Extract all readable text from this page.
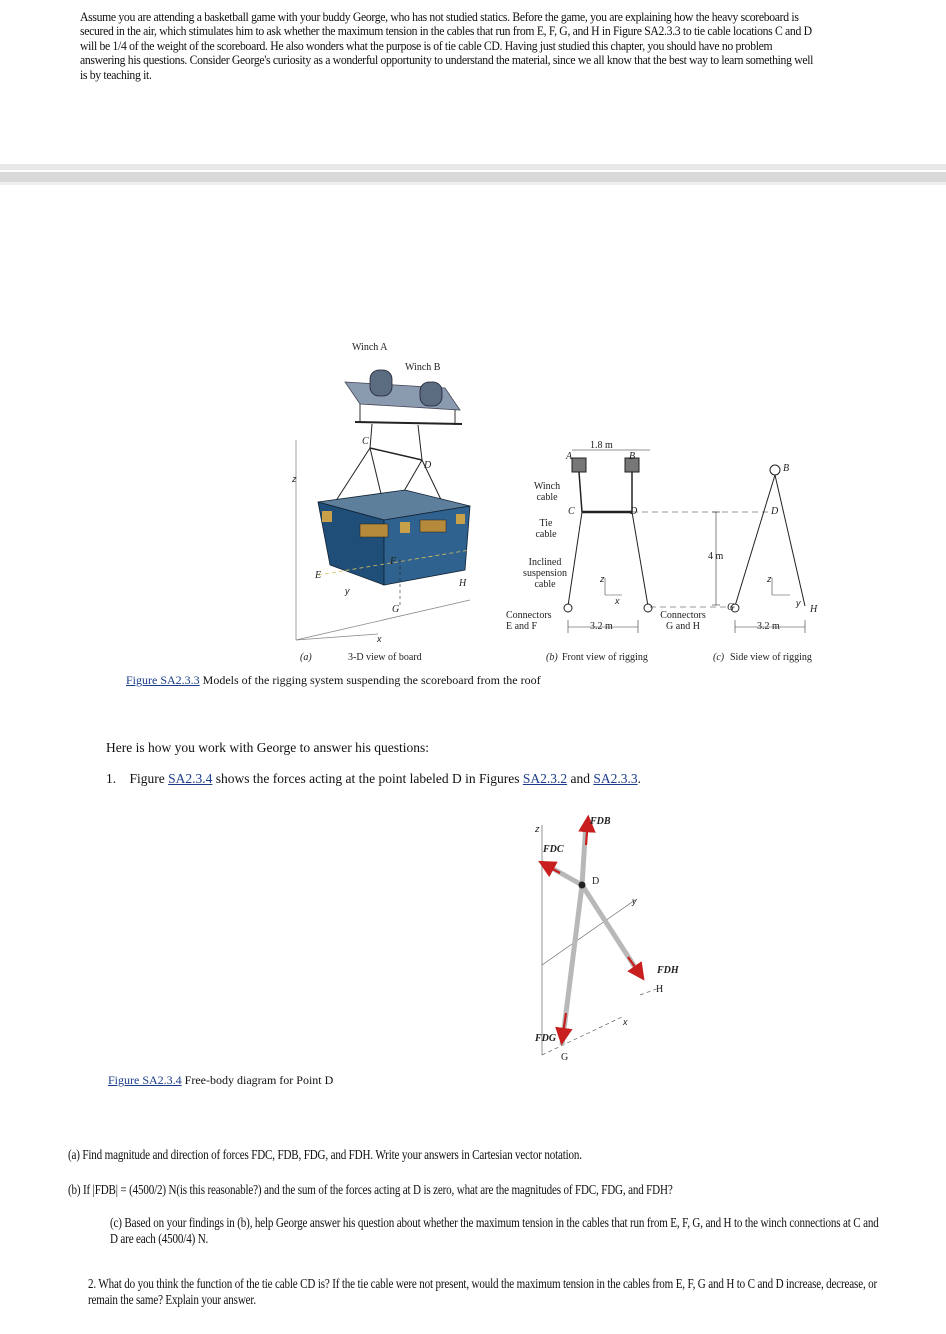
Assume you are attending a basketball game with your buddy George, who has not studied statics. Before the game, you are explaining how the heavy scoreboard is secured in the air, which stimulates him to ask whether the maximum tension in the cables that run from E, F, G, and H in Figure SA2.3.3 to tie cable locations C and D will be 1/4 of the weight of the scoreboard. He also wonders what the purpose is of tie cable CD. Having just studied this chapter, you should have no problem answering his questions. Consider George's curiosity as a wonderful opportunity to understand the material, since we all know that the best way to learn something well is by teaching it.
Winch A
Winch B
C
D
E
F
G
H
z
y
x
(a)	3-D view of board
1.8 m
A	B
C	D
Winch cable
Tie cable
Inclined suspension cable
Connectors E and F	3.2 m
z
x
(b) Front view of rigging
B
D
4 m
G	H
Connectors G and H	3.2 m
z
y
(c) Side view of rigging
Figure SA2.3.3 Models of the rigging system suspending the scoreboard from the roof
Here is how you work with George to answer his questions:
1. Figure SA2.3.4 shows the forces acting at the point labeled D in Figures SA2.3.2 and SA2.3.3.
FDB
FDC
D
FDH
H
FDG
G
z
y
x
Figure SA2.3.4 Free-body diagram for Point D
(a) Find magnitude and direction of forces FDC, FDB, FDG, and FDH. Write your answers in Cartesian vector notation.
(b) If |FDB| = (4500/2) N(is this reasonable?) and the sum of the forces acting at D is zero, what are the magnitudes of FDC, FDG, and FDH?
(c) Based on your findings in (b), help George answer his question about whether the maximum tension in the cables that run from E, F, G, and H to the winch connections at C and D are each (4500/4) N.
2. What do you think the function of the tie cable CD is? If the tie cable were not present, would the maximum tension in the cables from E, F, G and H to C and D increase, decrease, or remain the same? Explain your answer.
